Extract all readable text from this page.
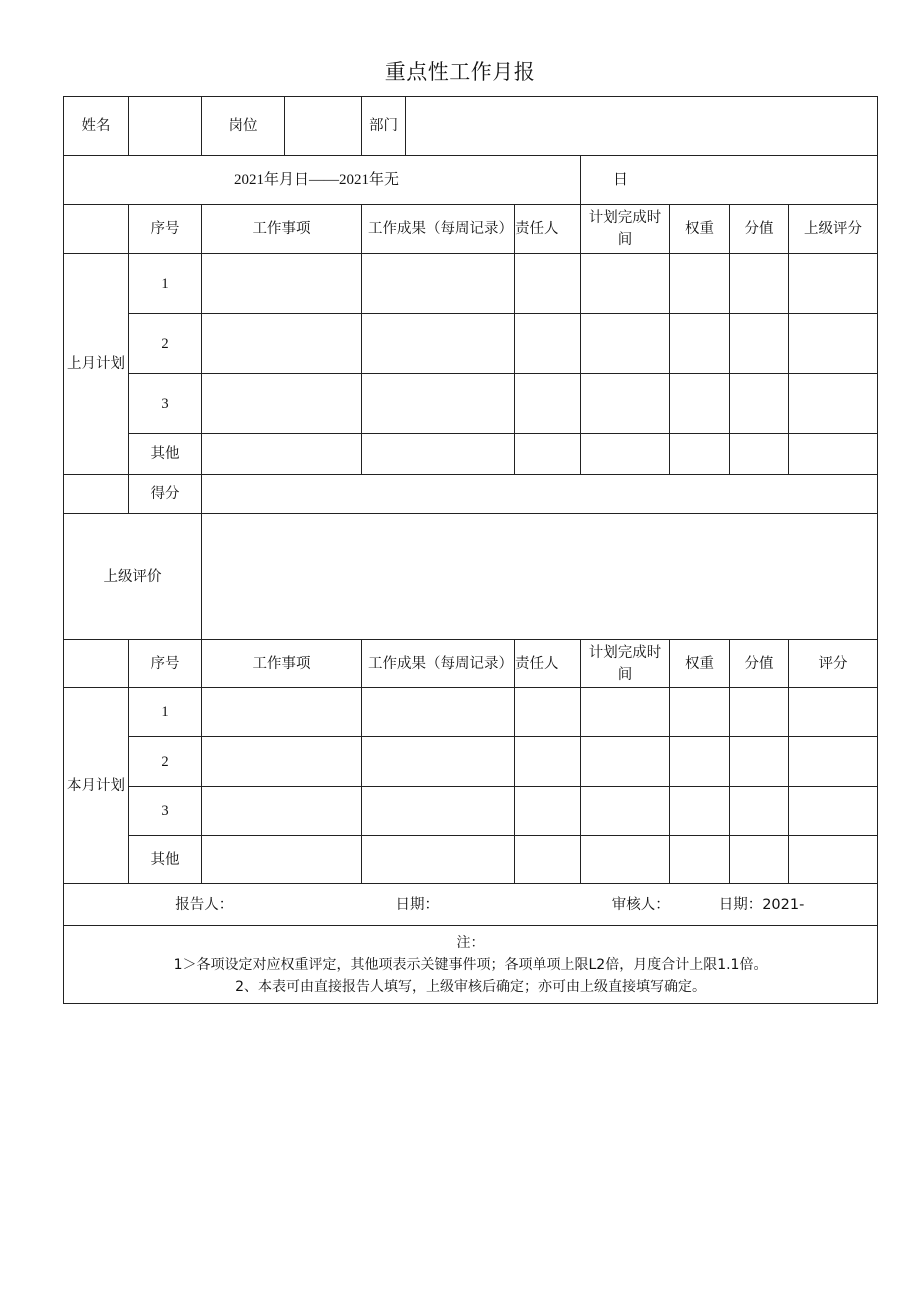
重点性工作月报
姓名		岗位		部门						
2021年月日——2021年无							日			
	序号	工作事项		工作成果（每周记录）		责任人	计划完成时间	权重	分值	上级评分
上月计划	1									
	2									
	3									
	其他									
	得分									
上级评价										
	序号	工作事项		工作成果（每周记录）		责任人	计划完成时间	权重	分值	评分
本月计划	1									
	2									
	3									
	其他									
报告人： 日期： 审核人： 日期：2021-										

注：
1＞各项设定对应权重评定，其他项表示关键事件项；各项单项上限L2倍，月度合计上限1.1倍。
2、本表可由直接报告人填写，上级审核后确定；亦可由上级直接填写确定。										
